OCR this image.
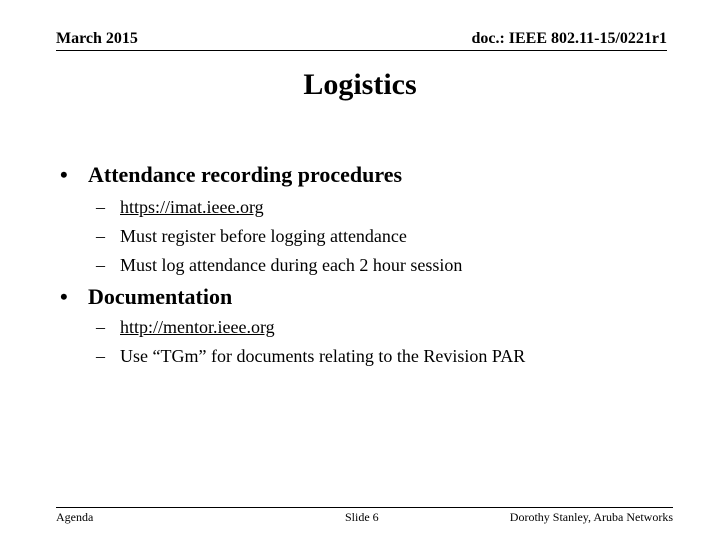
March 2015	doc.: IEEE 802.11-15/0221r1
Logistics
• Attendance recording procedures
– https://imat.ieee.org
– Must register before logging attendance
– Must log attendance during each 2 hour session
• Documentation
– http://mentor.ieee.org
– Use “TGm” for documents relating to the Revision PAR
Agenda	Slide 6	Dorothy Stanley, Aruba Networks
